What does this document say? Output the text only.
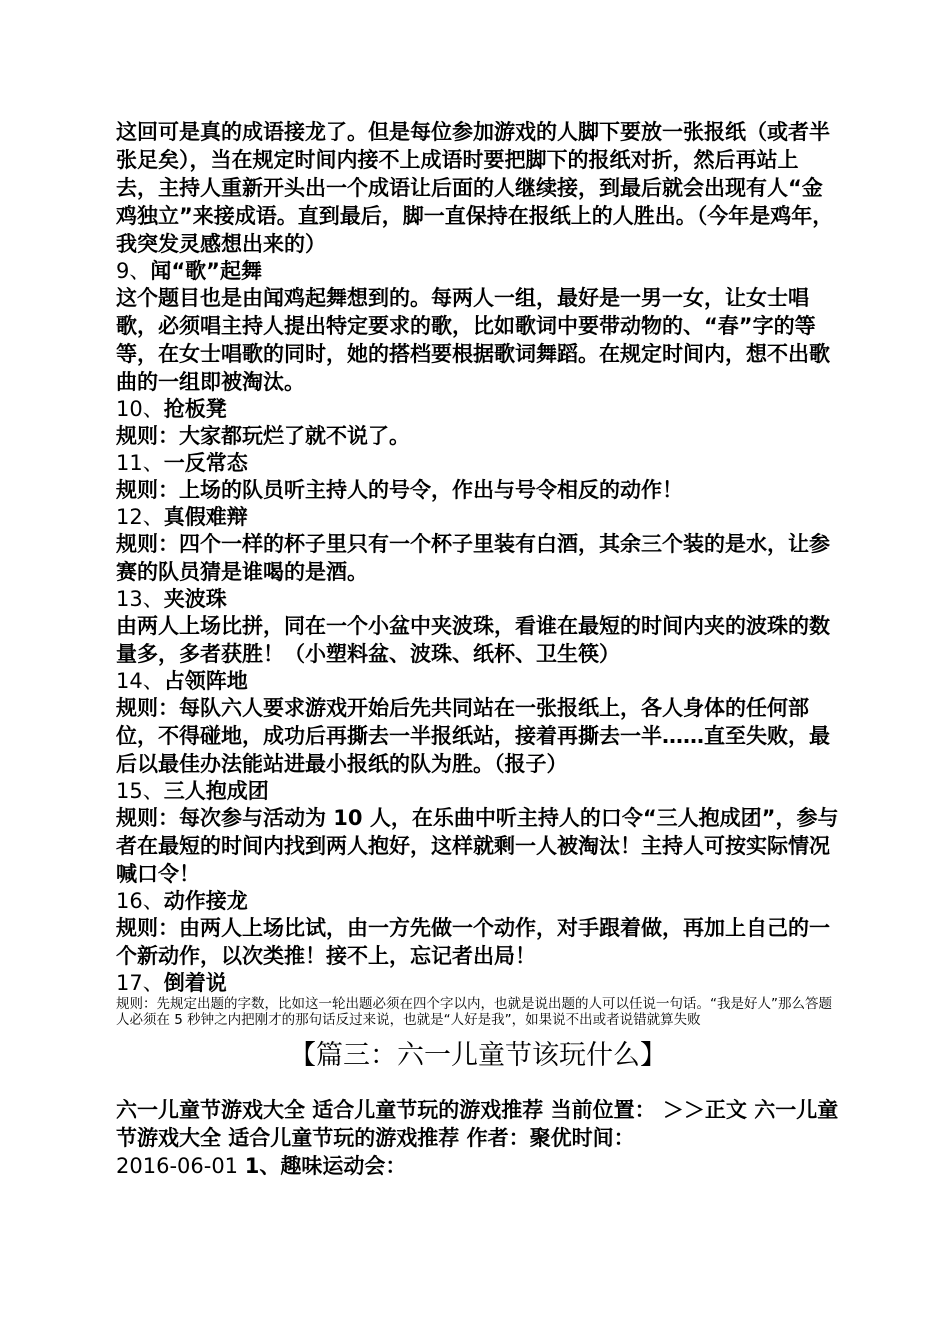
这回可是真的成语接龙了。但是每位参加游戏的人脚下要放一张报纸（或者半张足矣），当在规定时间内接不上成语时要把脚下的报纸对折，然后再站上去，主持人重新开头出一个成语让后面的人继续接，到最后就会出现有人“金鸡独立”来接成语。直到最后，脚一直保持在报纸上的人胜出。（今年是鸡年，我突发灵感想出来的）

9、闻“歌”起舞

这个题目也是由闻鸡起舞想到的。每两人一组，最好是一男一女，让女士唱歌，必须唱主持人提出特定要求的歌，比如歌词中要带动物的、“春”字的等等，在女士唱歌的同时，她的搭档要根据歌词舞蹈。在规定时间内，想不出歌曲的一组即被淘汰。

10、抢板凳

规则：大家都玩烂了就不说了。

11、一反常态

规则：上场的队员听主持人的号令，作出与号令相反的动作！

12、真假难辩

规则：四个一样的杯子里只有一个杯子里装有白酒，其余三个装的是水，让参赛的队员猜是谁喝的是酒。

13、夹波珠

由两人上场比拼，同在一个小盆中夹波珠，看谁在最短的时间内夹的波珠的数量多，多者获胜！（小塑料盆、波珠、纸杯、卫生筷）

14、占领阵地

规则：每队六人要求游戏开始后先共同站在一张报纸上，各人身体的任何部位，不得碰地，成功后再撕去一半报纸站，接着再撕去一半……直至失败，最后以最佳办法能站进最小报纸的队为胜。（报子）

15、三人抱成团

规则：每次参与活动为 10 人，在乐曲中听主持人的口令“三人抱成团”，参与者在最短的时间内找到两人抱好，这样就剩一人被淘汰！主持人可按实际情况喊口令！

16、动作接龙

规则：由两人上场比试，由一方先做一个动作，对手跟着做，再加上自己的一个新动作，以次类推！接不上，忘记者出局！

17、倒着说

规则：先规定出题的字数，比如这一轮出题必须在四个字以内，也就是说出题的人可以任说一句话。“我是好人”那么答题人必须在 5 秒钟之内把刚才的那句话反过来说，也就是“人好是我”，如果说不出或者说错就算失败

【篇三：六一儿童节该玩什么】

六一儿童节游戏大全 适合儿童节玩的游戏推荐 当前位置： ＞＞正文 六一儿童节游戏大全 适合儿童节玩的游戏推荐 作者：聚优时间：
2016-06-01 1、趣味运动会：
